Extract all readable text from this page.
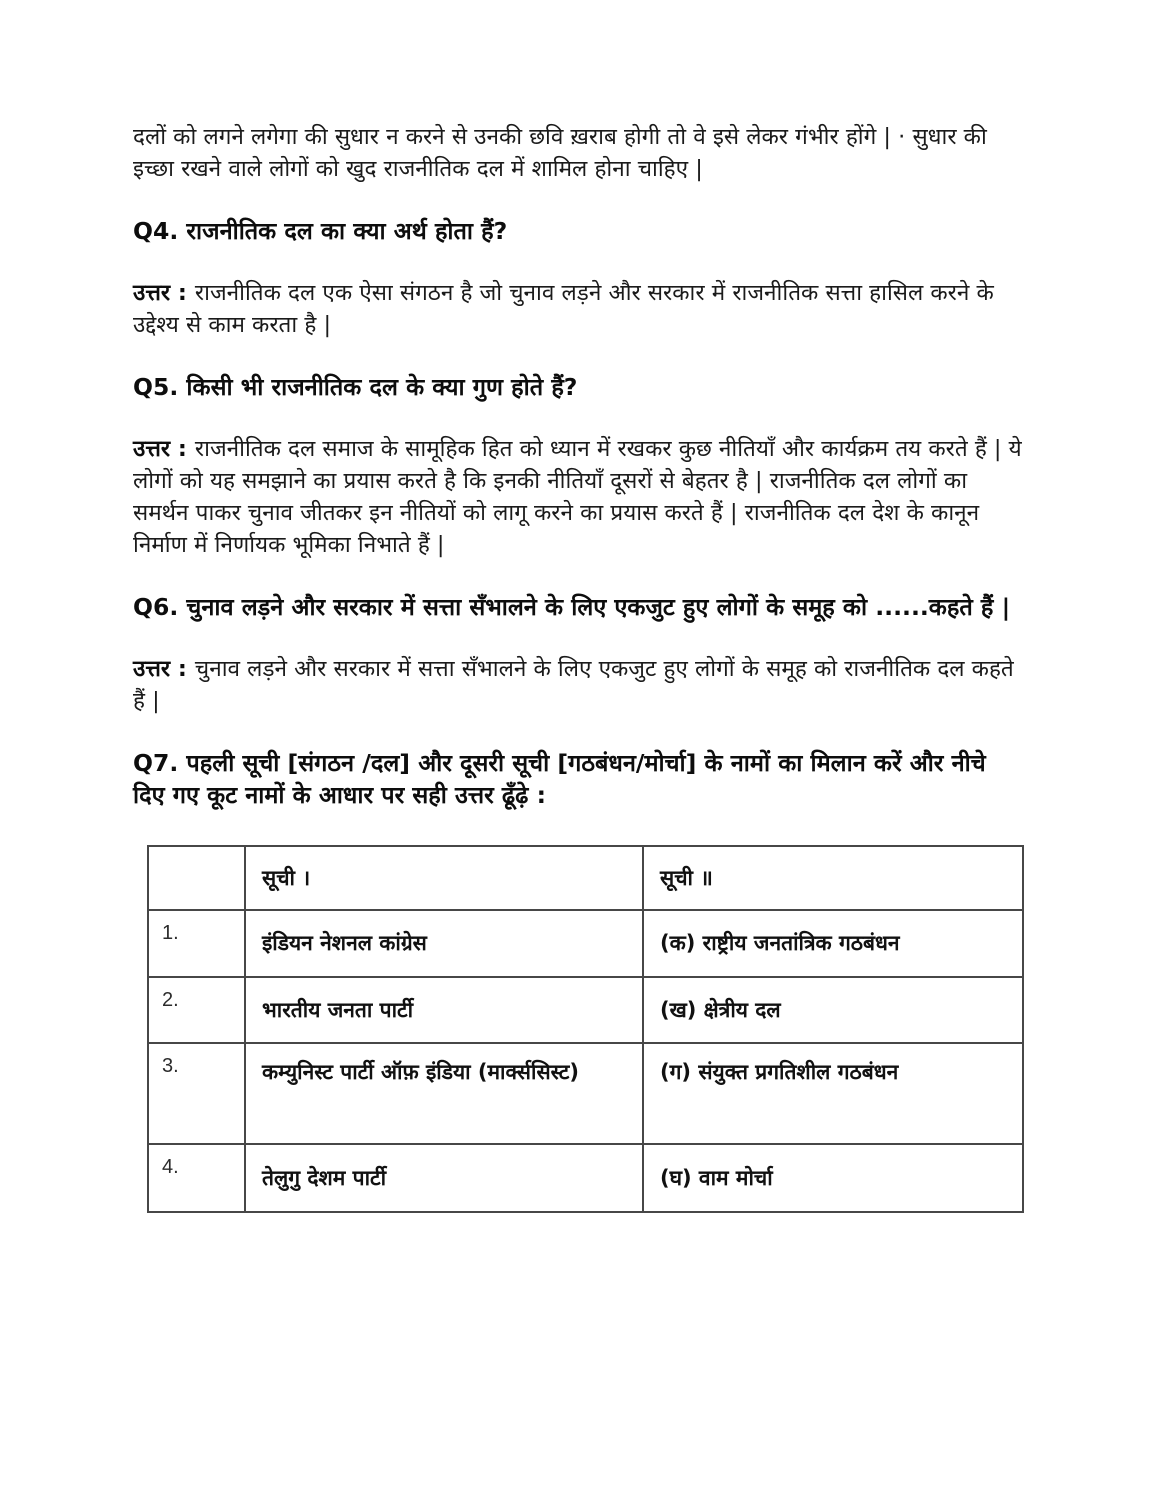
दलों को लगने लगेगा की सुधार न करने से उनकी छवि ख़राब होगी तो वे इसे लेकर गंभीर होंगे | · सुधार की इच्छा रखने वाले लोगों को खुद राजनीतिक दल में शामिल होना चाहिए |

Q4. राजनीतिक दल का क्या अर्थ होता हैं?

उत्तर : राजनीतिक दल एक ऐसा संगठन है जो चुनाव लड़ने और सरकार में राजनीतिक सत्ता हासिल करने के उद्देश्य से काम करता है |

Q5. किसी भी राजनीतिक दल के क्या गुण होते हैं?

उत्तर : राजनीतिक दल समाज के सामूहिक हित को ध्यान में रखकर कुछ नीतियाँ और कार्यक्रम तय करते हैं | ये लोगों को यह समझाने का प्रयास करते है कि इनकी नीतियाँ दूसरों से बेहतर है | राजनीतिक दल लोगों का समर्थन पाकर चुनाव जीतकर इन नीतियों को लागू करने का प्रयास करते हैं | राजनीतिक दल देश के कानून निर्माण में निर्णायक भूमिका निभाते हैं |

Q6. चुनाव लड़ने और सरकार में सत्ता सँभालने के लिए एकजुट हुए लोगों के समूह को ......कहते हैं |

उत्तर : चुनाव लड़ने और सरकार में सत्ता सँभालने के लिए एकजुट हुए लोगों के समूह को राजनीतिक दल कहते हैं |

Q7. पहली सूची [संगठन /दल] और दूसरी सूची [गठबंधन/मोर्चा] के नामों का मिलान करें और नीचे दिए गए कूट नामों के आधार पर सही उत्तर ढूँढ़े :

	सूची ।	सूची ॥
1.	इंडियन नेशनल कांग्रेस	(क) राष्ट्रीय जनतांत्रिक गठबंधन
2.	भारतीय जनता पार्टी	(ख) क्षेत्रीय दल
3.	कम्युनिस्ट पार्टी ऑफ़ इंडिया (मार्क्ससिस्ट)	(ग) संयुक्त प्रगतिशील गठबंधन
4.	तेलुगु देशम पार्टी	(घ) वाम मोर्चा
